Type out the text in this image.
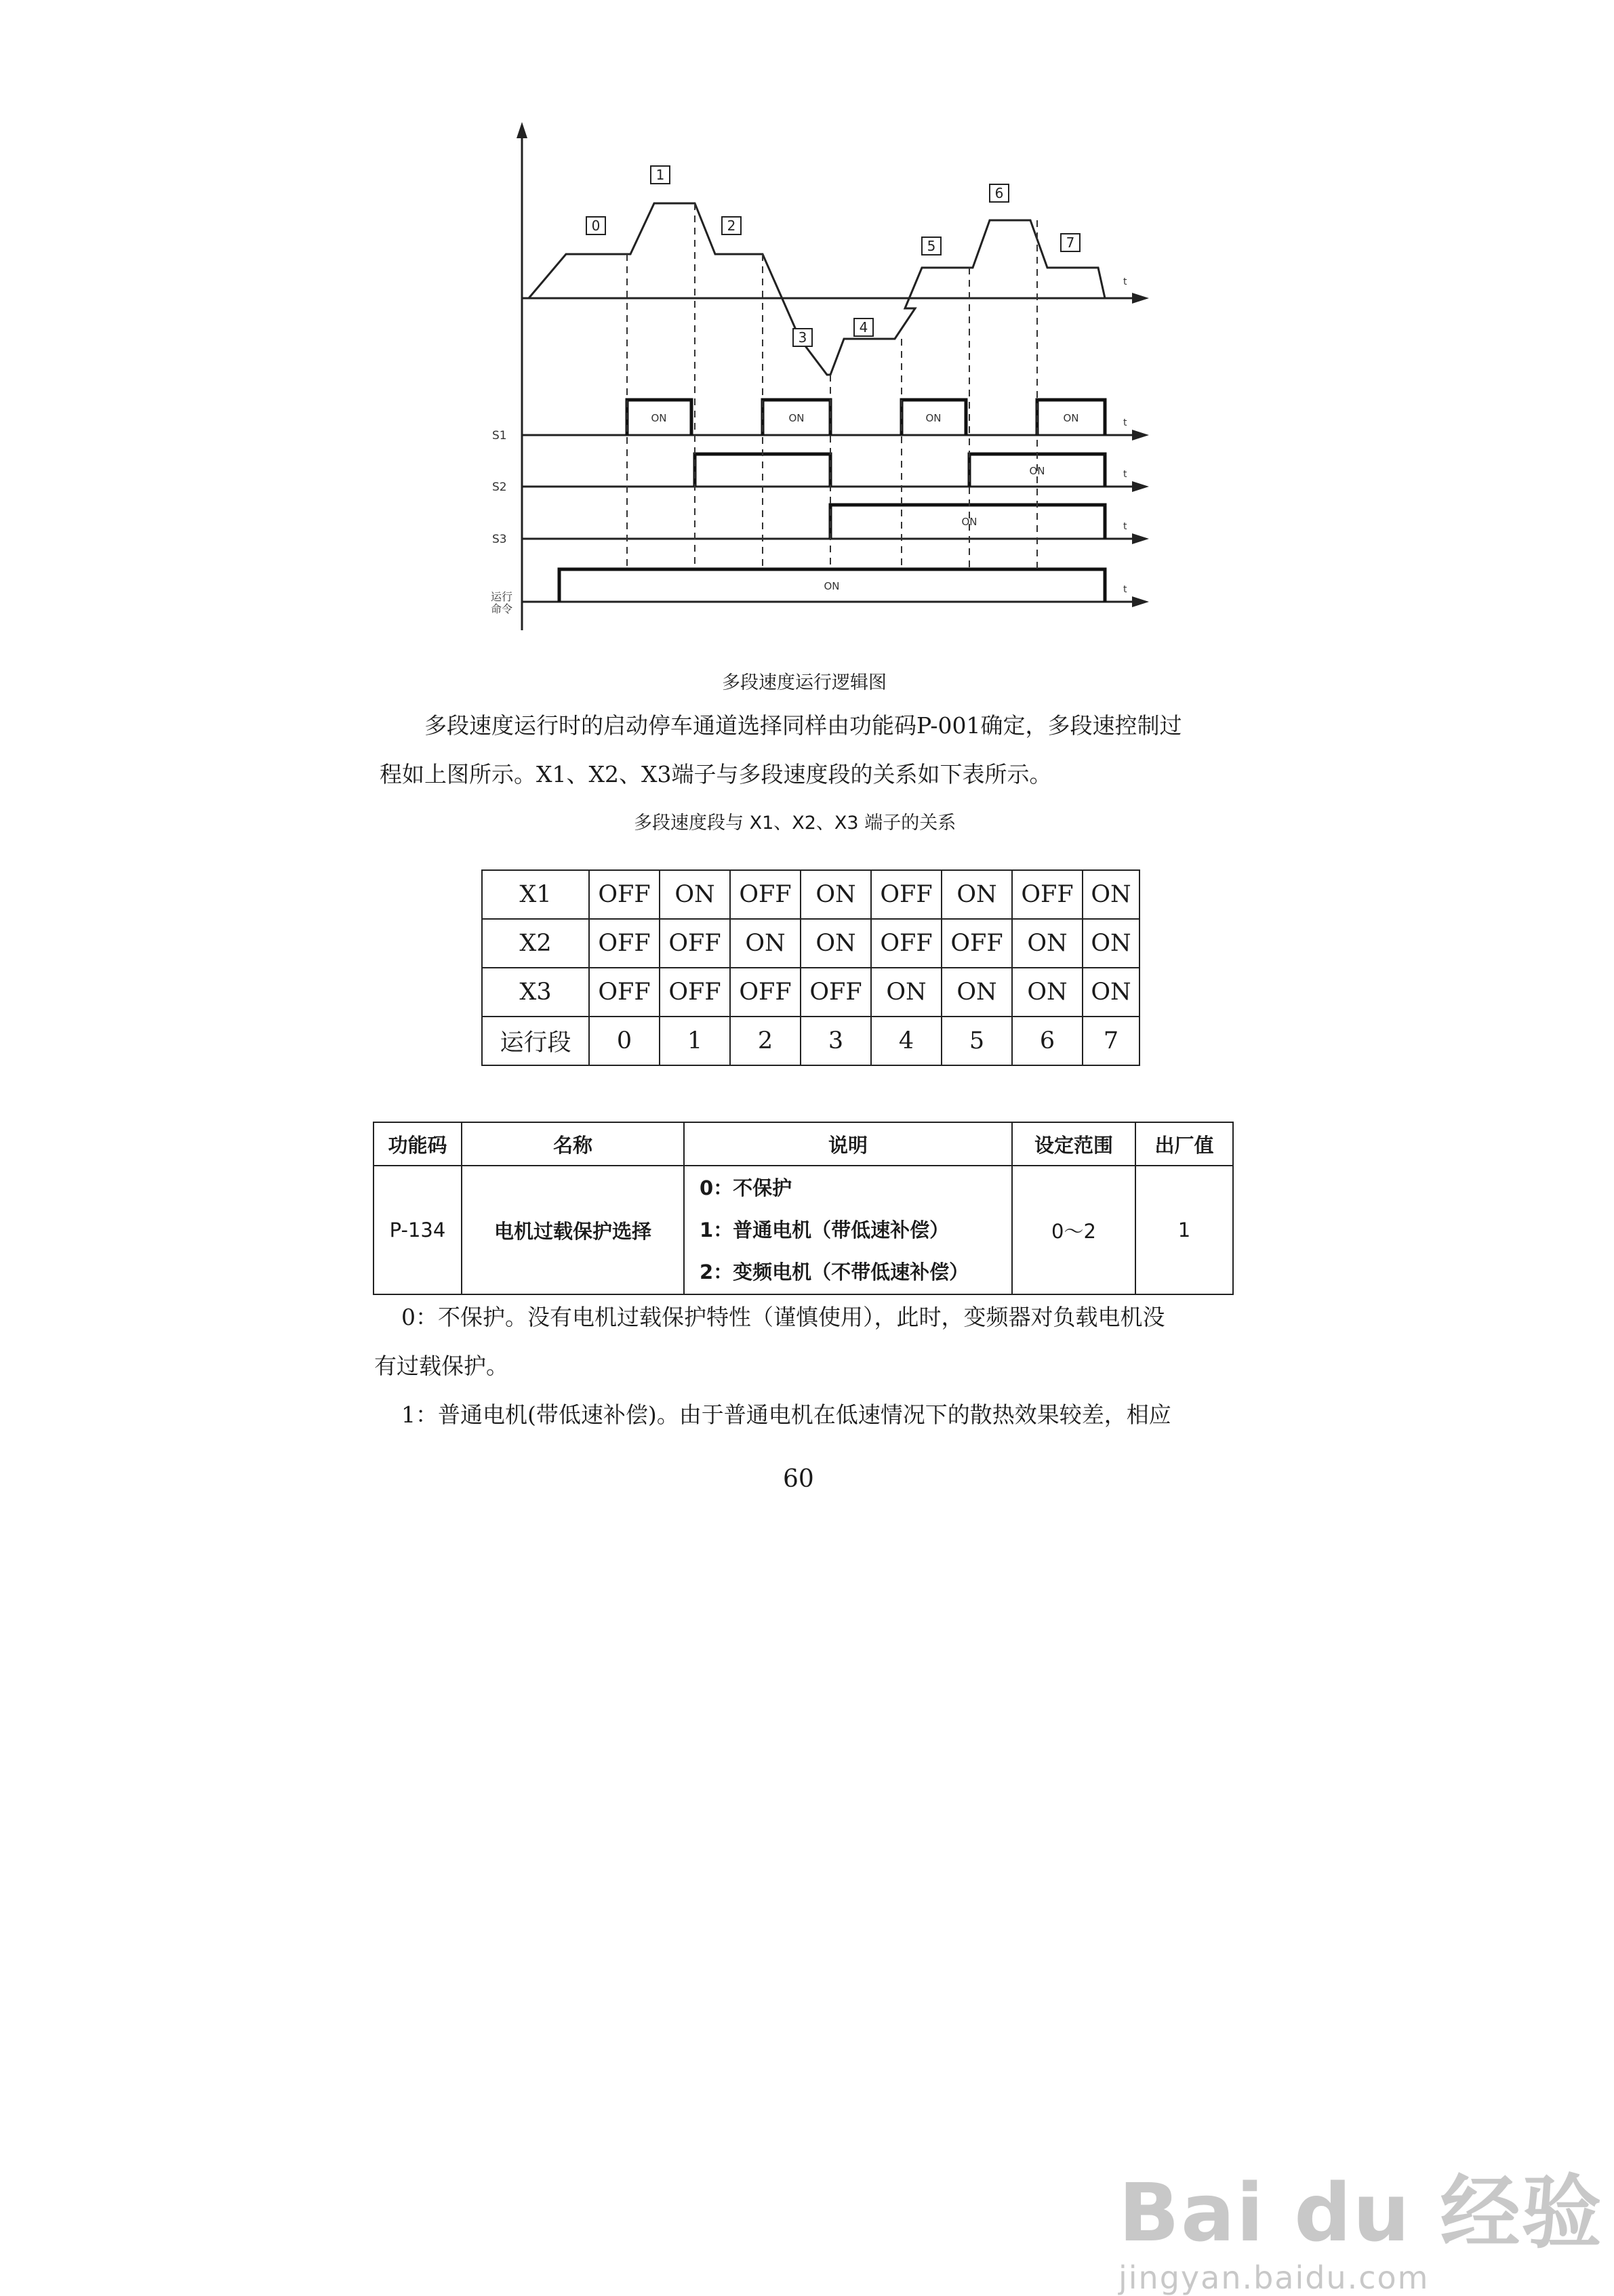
0
1
2
3
4
5
6
7
t
t
t
t
t
S1
S2
S3
运行
命令
ON	ON	ON	ON
ON
ON
ON
多段速度运行逻辑图

多段速度运行时的启动停车通道选择同样由功能码P-001确定，多段速控制过

程如上图所示。X1、X2、X3端子与多段速度段的关系如下表所示。

多段速度段与 X1、X2、X3 端子的关系
X1	OFF	ON	OFF	ON	OFF	ON	OFF	ON
X2	OFF	OFF	ON	ON	OFF	OFF	ON	ON
X3	OFF	OFF	OFF	OFF	ON	ON	ON	ON
运行段	0	1	2	3	4	5	6	7
功能码	名称	说明	设定范围	出厂值
P-134	电机过载保护选择	0：不保护
1：普通电机（带低速补偿）
2：变频电机（不带低速补偿）	0～2	1

0：不保护。没有电机过载保护特性（谨慎使用），此时，变频器对负载电机没

有过载保护。

1：普通电机(带低速补偿)。由于普通电机在低速情况下的散热效果较差，相应

60
Bai du 经验
jingyan.baidu.com
